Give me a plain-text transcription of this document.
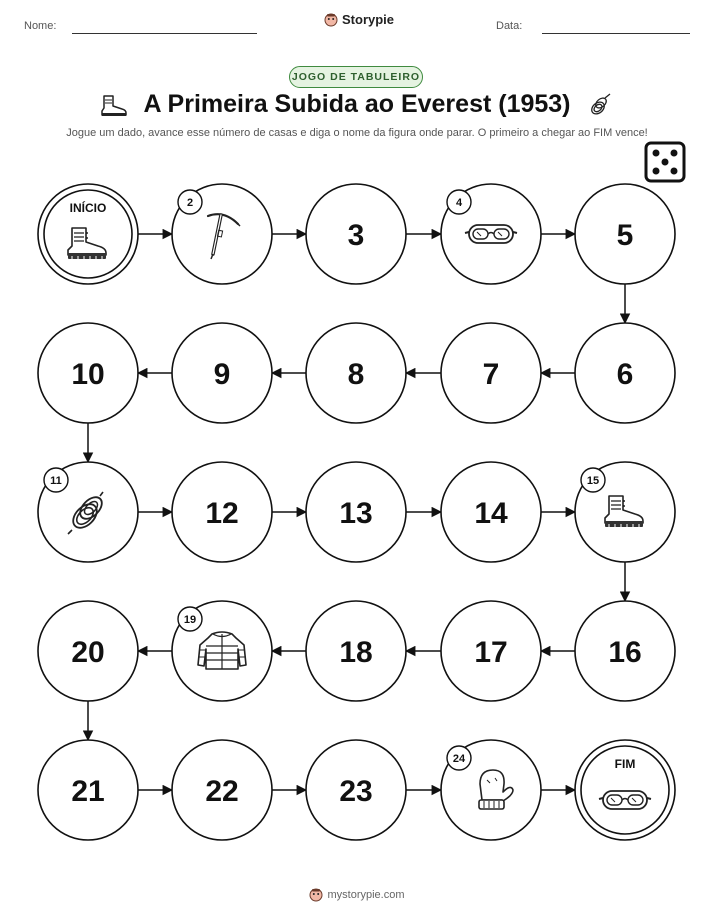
Nome:	Storypie	Data:
JOGO DE TABULEIRO
A Primeira Subida ao Everest (1953)
Jogue um dado, avance esse número de casas e diga o nome da figura onde parar. O primeiro a chegar ao FIM vence!
INÍCIO	2
3
4
5
6
7
8
9
10
11
12	13	14
15
16
17
18
19
20
21	22	23
24	FIM
mystorypie.com
